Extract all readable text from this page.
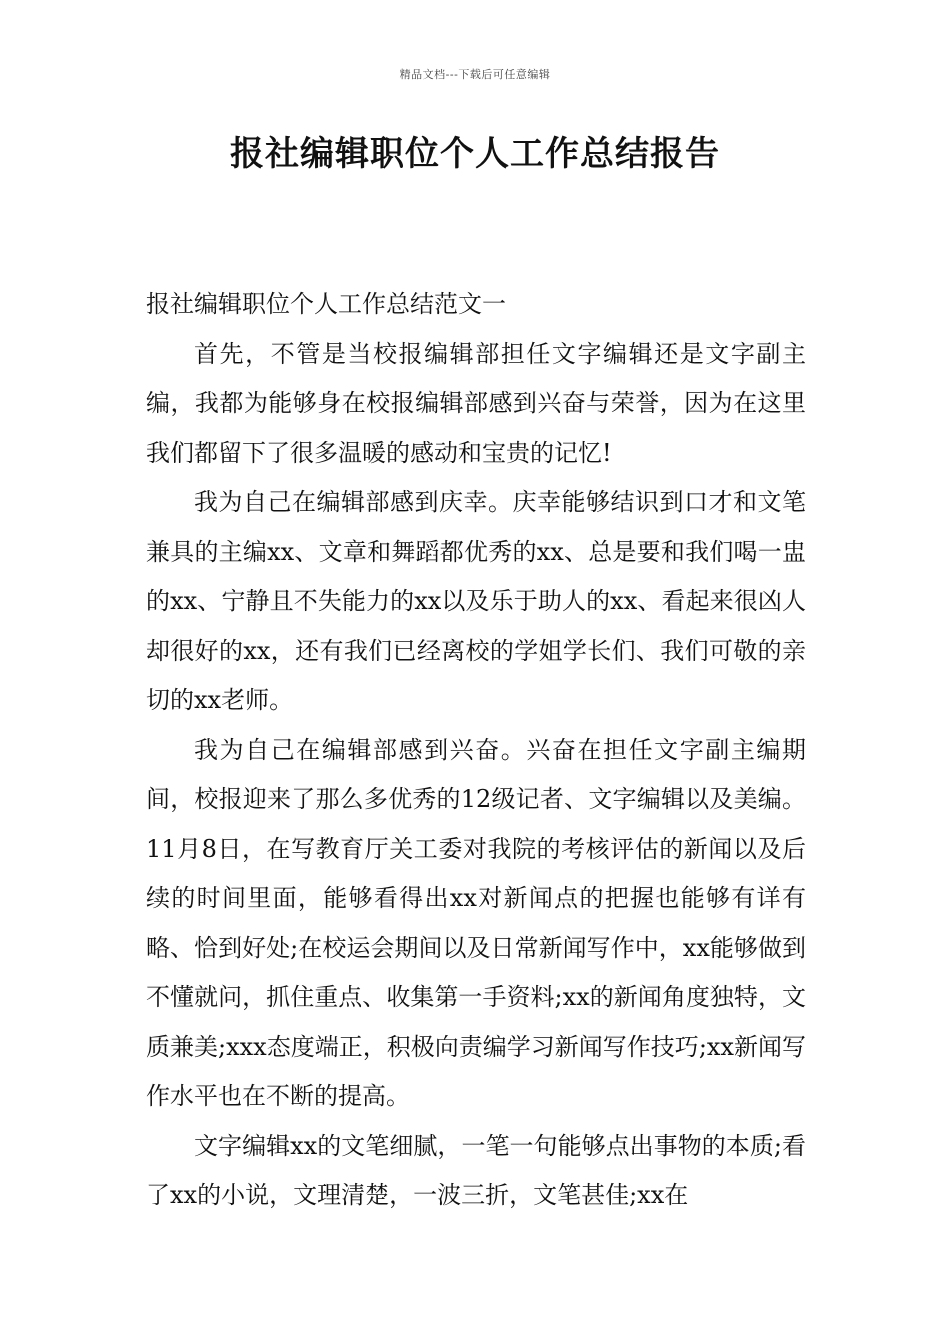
精品文档---下载后可任意编辑
报社编辑职位个人工作总结报告

报社编辑职位个人工作总结范文一

首先，不管是当校报编辑部担任文字编辑还是文字副主编，我都为能够身在校报编辑部感到兴奋与荣誉，因为在这里我们都留下了很多温暖的感动和宝贵的记忆!

我为自己在编辑部感到庆幸。庆幸能够结识到口才和文笔兼具的主编xx、文章和舞蹈都优秀的xx、总是要和我们喝一盅的xx、宁静且不失能力的xx以及乐于助人的xx、看起来很凶人却很好的xx，还有我们已经离校的学姐学长们、我们可敬的亲切的xx老师。

我为自己在编辑部感到兴奋。兴奋在担任文字副主编期间，校报迎来了那么多优秀的12级记者、文字编辑以及美编。11月8日，在写教育厅关工委对我院的考核评估的新闻以及后续的时间里面，能够看得出xx对新闻点的把握也能够有详有略、恰到好处;在校运会期间以及日常新闻写作中，xx能够做到不懂就问，抓住重点、收集第一手资料;xx的新闻角度独特，文质兼美;xxx态度端正，积极向责编学习新闻写作技巧;xx新闻写作水平也在不断的提高。

文字编辑xx的文笔细腻，一笔一句能够点出事物的本质;看了xx的小说，文理清楚，一波三折，文笔甚佳;xx在
